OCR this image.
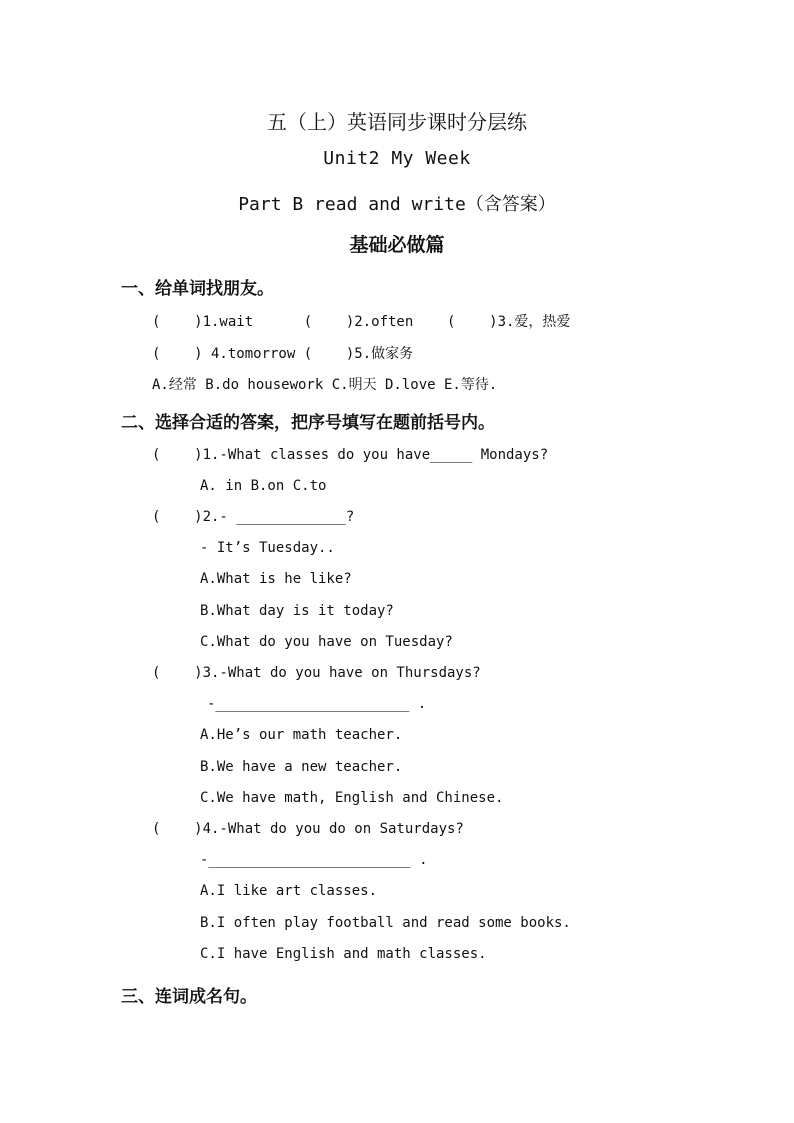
五（上）英语同步课时分层练
Unit2 My Week
Part B read and write（含答案）
基础必做篇
一、给单词找朋友。
(    )1.wait      (    )2.often    (    )3.爱，热爱
(    ) 4.tomorrow (    )5.做家务
A.经常 B.do housework C.明天 D.love E.等待.
二、选择合适的答案，把序号填写在题前括号内。
(    )1.-What classes do you have_____ Mondays?
A. in B.on C.to
(    )2.- _____________?
- It’s Tuesday..
A.What is he like?
B.What day is it today?
C.What do you have on Tuesday?
(    )3.-What do you have on Thursdays?
-_______________________ .
A.He’s our math teacher.
B.We have a new teacher.
C.We have math, English and Chinese.
(    )4.-What do you do on Saturdays?
-________________________ .
A.I like art classes.
B.I often play football and read some books.
C.I have English and math classes.
三、连词成名句。
